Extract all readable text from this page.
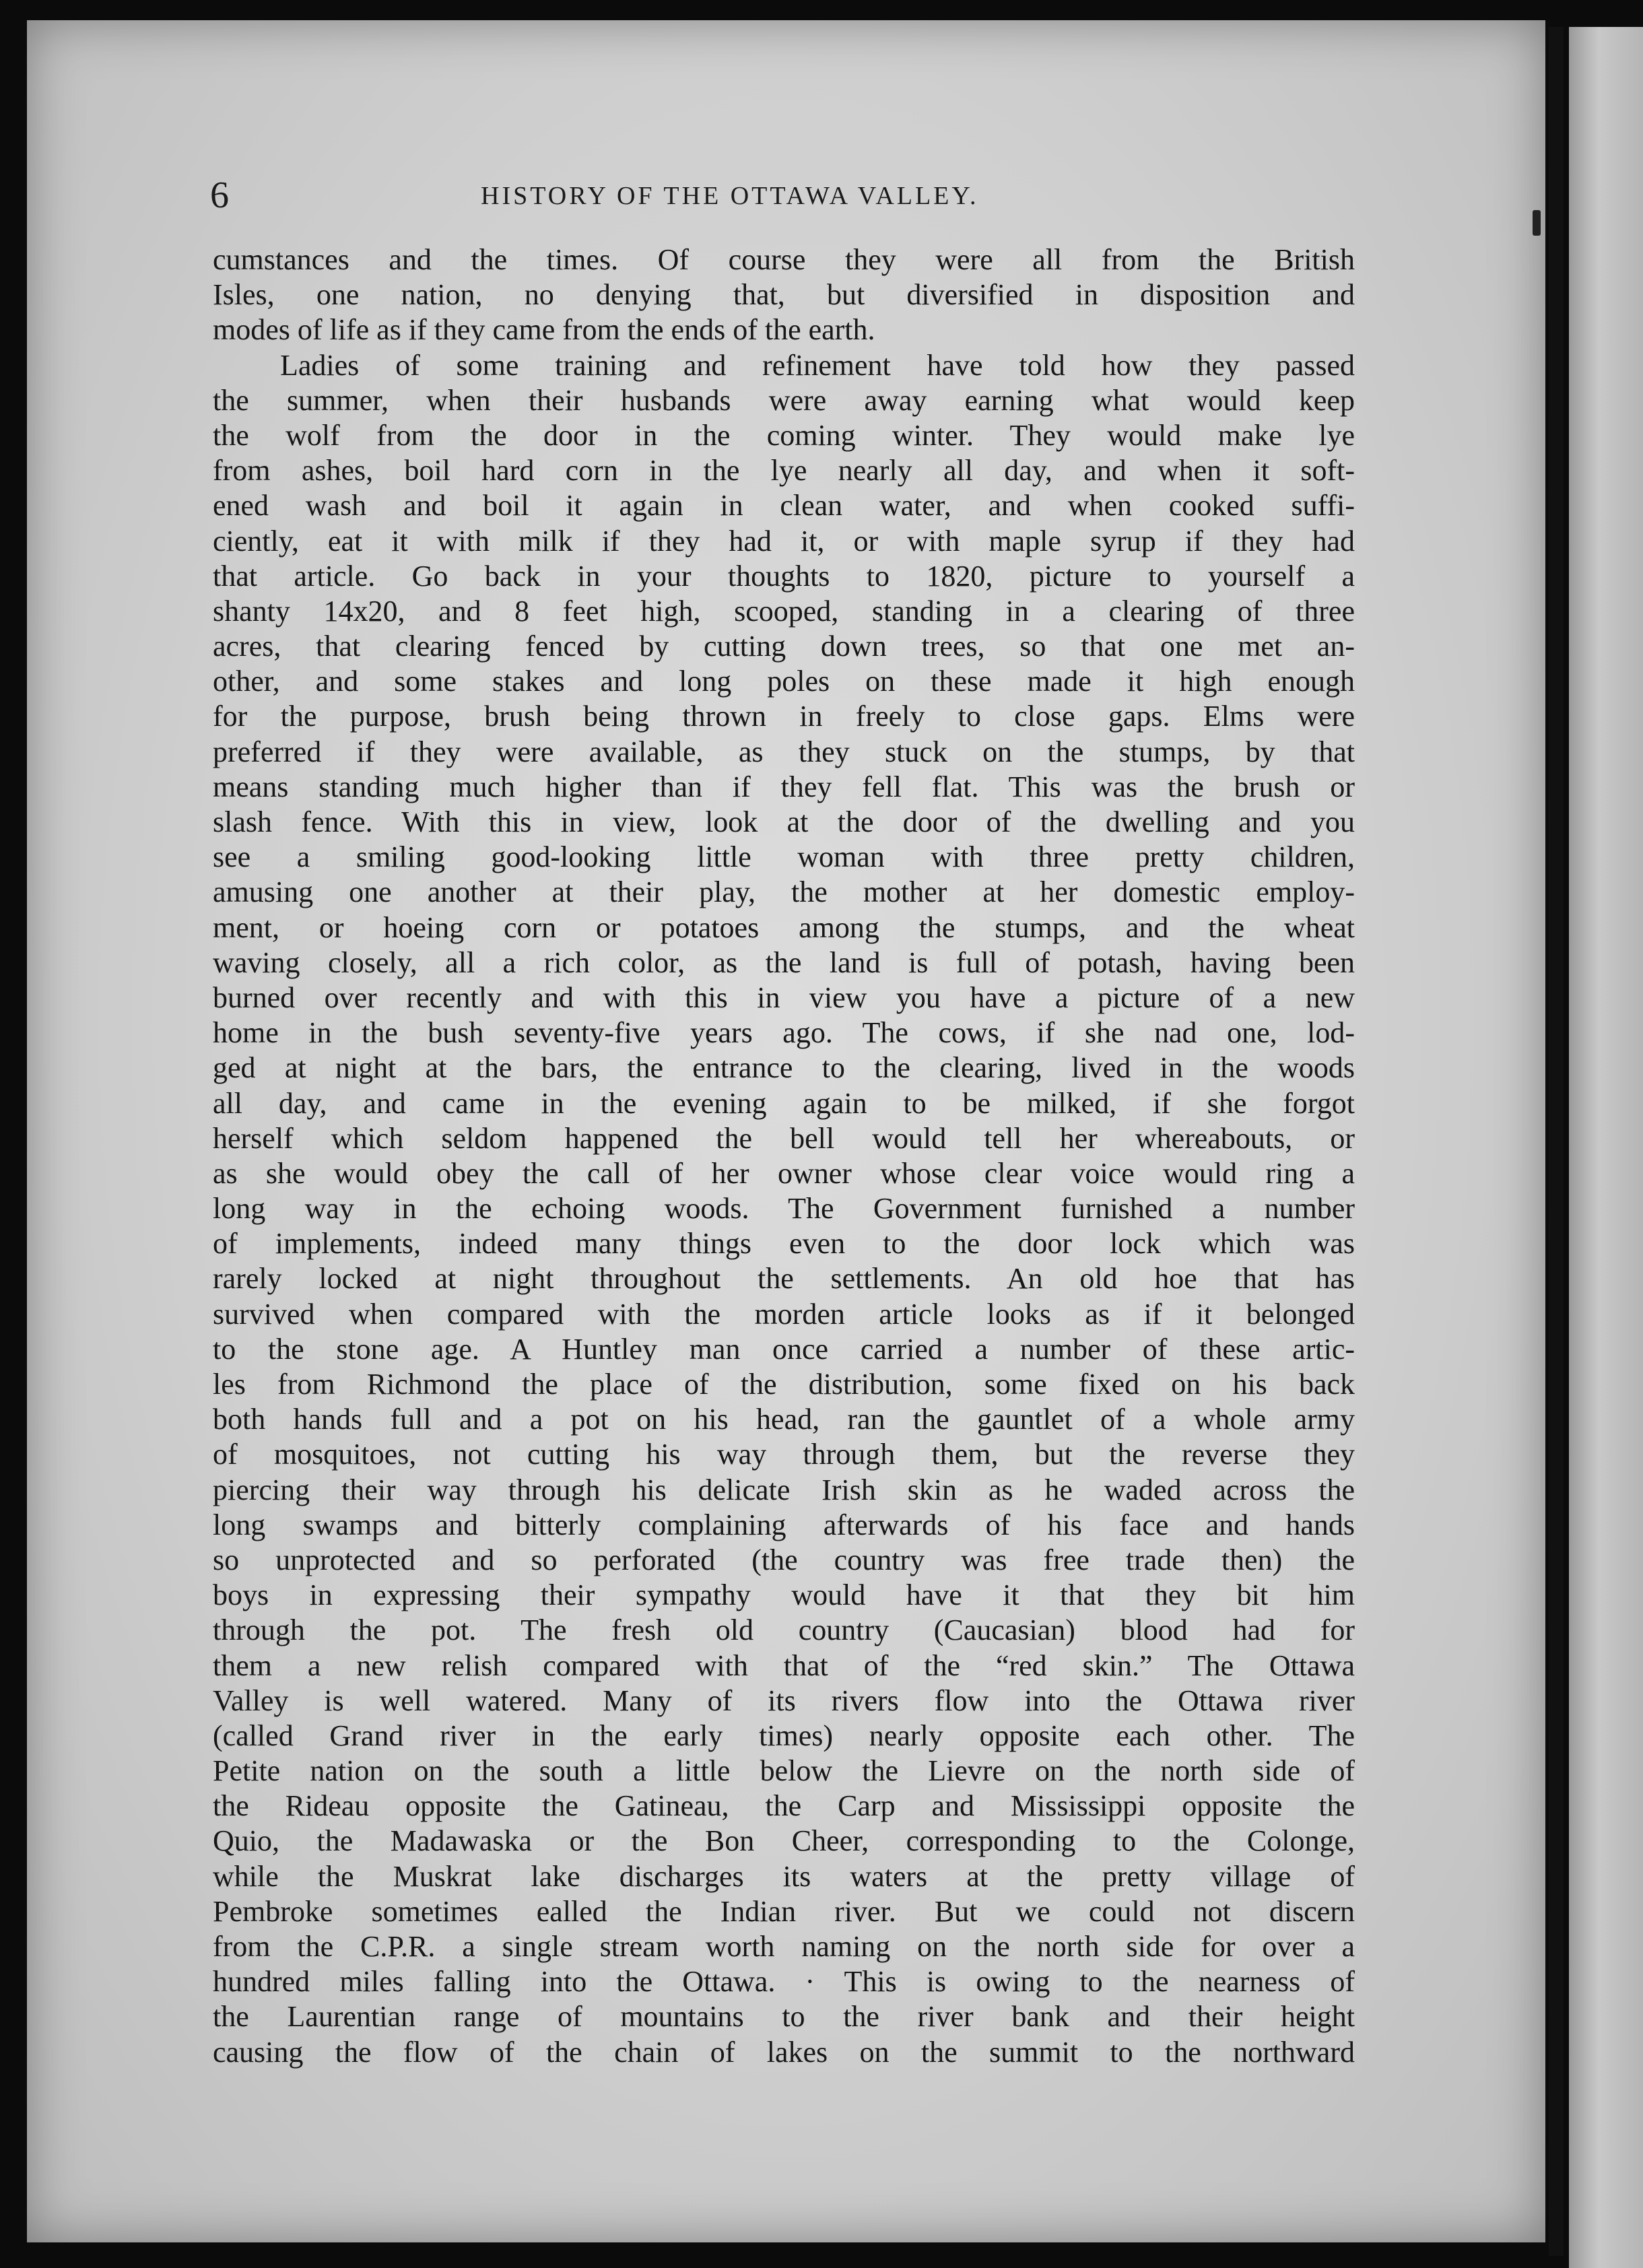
6	HISTORY OF THE OTTAWA VALLEY.
cumstances and the times. Of course they were all from the British
Isles, one nation, no denying that, but diversified in disposition and
modes of life as if they came from the ends of the earth.
Ladies of some training and refinement have told how they passed
the summer, when their husbands were away earning what would keep
the wolf from the door in the coming winter. They would make lye
from ashes, boil hard corn in the lye nearly all day, and when it soft-
ened wash and boil it again in clean water, and when cooked suffi-
ciently, eat it with milk if they had it, or with maple syrup if they had
that article. Go back in your thoughts to 1820, picture to yourself a
shanty 14x20, and 8 feet high, scooped, standing in a clearing of three
acres, that clearing fenced by cutting down trees, so that one met an-
other, and some stakes and long poles on these made it high enough
for the purpose, brush being thrown in freely to close gaps. Elms were
preferred if they were available, as they stuck on the stumps, by that
means standing much higher than if they fell flat. This was the brush or
slash fence. With this in view, look at the door of the dwelling and you
see a smiling good-looking little woman with three pretty children,
amusing one another at their play, the mother at her domestic employ-
ment, or hoeing corn or potatoes among the stumps, and the wheat
waving closely, all a rich color, as the land is full of potash, having been
burned over recently and with this in view you have a picture of a new
home in the bush seventy-five years ago. The cows, if she nad one, lod-
ged at night at the bars, the entrance to the clearing, lived in the woods
all day, and came in the evening again to be milked, if she forgot
herself which seldom happened the bell would tell her whereabouts, or
as she would obey the call of her owner whose clear voice would ring a
long way in the echoing woods. The Government furnished a number
of implements, indeed many things even to the door lock which was
rarely locked at night throughout the settlements. An old hoe that has
survived when compared with the morden article looks as if it belonged
to the stone age. A Huntley man once carried a number of these artic-
les from Richmond the place of the distribution, some fixed on his back
both hands full and a pot on his head, ran the gauntlet of a whole army
of mosquitoes, not cutting his way through them, but the reverse they
piercing their way through his delicate Irish skin as he waded across the
long swamps and bitterly complaining afterwards of his face and hands
so unprotected and so perforated (the country was free trade then) the
boys in expressing their sympathy would have it that they bit him
through the pot. The fresh old country (Caucasian) blood had for
them a new relish compared with that of the “red skin.” The Ottawa
Valley is well watered. Many of its rivers flow into the Ottawa river
(called Grand river in the early times) nearly opposite each other. The
Petite nation on the south a little below the Lievre on the north side of
the Rideau opposite the Gatineau, the Carp and Mississippi opposite the
Quio, the Madawaska or the Bon Cheer, corresponding to the Colonge,
while the Muskrat lake discharges its waters at the pretty village of
Pembroke sometimes ealled the Indian river. But we could not discern
from the C.P.R. a single stream worth naming on the north side for over a
hundred miles falling into the Ottawa. · This is owing to the nearness of
the Laurentian range of mountains to the river bank and their height
causing the flow of the chain of lakes on the summit to the northward
